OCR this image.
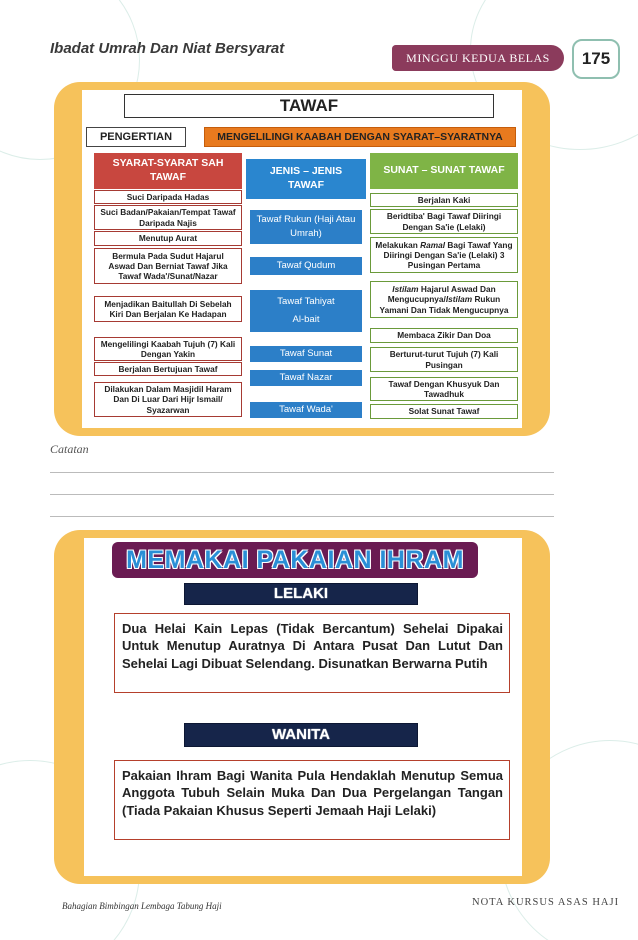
Ibadat Umrah Dan Niat Bersyarat
MINGGU KEDUA BELAS	175
TAWAF
PENGERTIAN	MENGELILINGI KAABAH DENGAN SYARAT–SYARATNYA
SYARAT-SYARAT SAH TAWAF	JENIS – JENIS TAWAF
SUNAT – SUNAT TAWAF
Suci Daripada Hadas
Suci Badan/Pakaian/Tempat Tawaf Daripada Najis
Menutup Aurat
Bermula Pada Sudut Hajarul Aswad Dan Berniat Tawaf Jika Tawaf Wada'/Sunat/Nazar
Menjadikan Baitullah Di Sebelah Kiri Dan Berjalan Ke Hadapan
Mengelilingi Kaabah Tujuh (7) Kali Dengan Yakin
Berjalan Bertujuan Tawaf
Dilakukan Dalam Masjidil Haram Dan Di Luar Dari Hijr Ismail/ Syazarwan
Tawaf Rukun (Haji Atau Umrah)
Tawaf Qudum
Tawaf Tahiyat
Al-bait
Tawaf Sunat
Tawaf Nazar
Tawaf Wada'
Berjalan Kaki
Beridtiba' Bagi Tawaf Diiringi Dengan Sa'ie (Lelaki)
Melakukan Ramal Bagi Tawaf Yang Diiringi Dengan Sa'ie (Lelaki) 3 Pusingan Pertama
Istilam Hajarul Aswad Dan Mengucupnya/Istilam Rukun Yamani Dan Tidak Mengucupnya
Membaca Zikir Dan Doa
Berturut-turut Tujuh (7) Kali Pusingan
Tawaf Dengan Khusyuk Dan Tawadhuk
Solat Sunat Tawaf
Catatan
MEMAKAI PAKAIAN IHRAM
LELAKI
Dua Helai Kain Lepas (Tidak Bercantum) Sehelai Dipakai Untuk Menutup Auratnya Di Antara Pusat Dan Lutut Dan Sehelai Lagi Dibuat Selendang. Disunatkan Berwarna Putih
WANITA
Pakaian Ihram Bagi Wanita Pula Hendaklah Menutup Semua Anggota Tubuh Selain Muka Dan Dua Pergelangan Tangan (Tiada Pakaian Khusus Seperti Jemaah Haji Lelaki)
Bahagian Bimbingan Lembaga Tabung Haji	NOTA KURSUS ASAS HAJI
